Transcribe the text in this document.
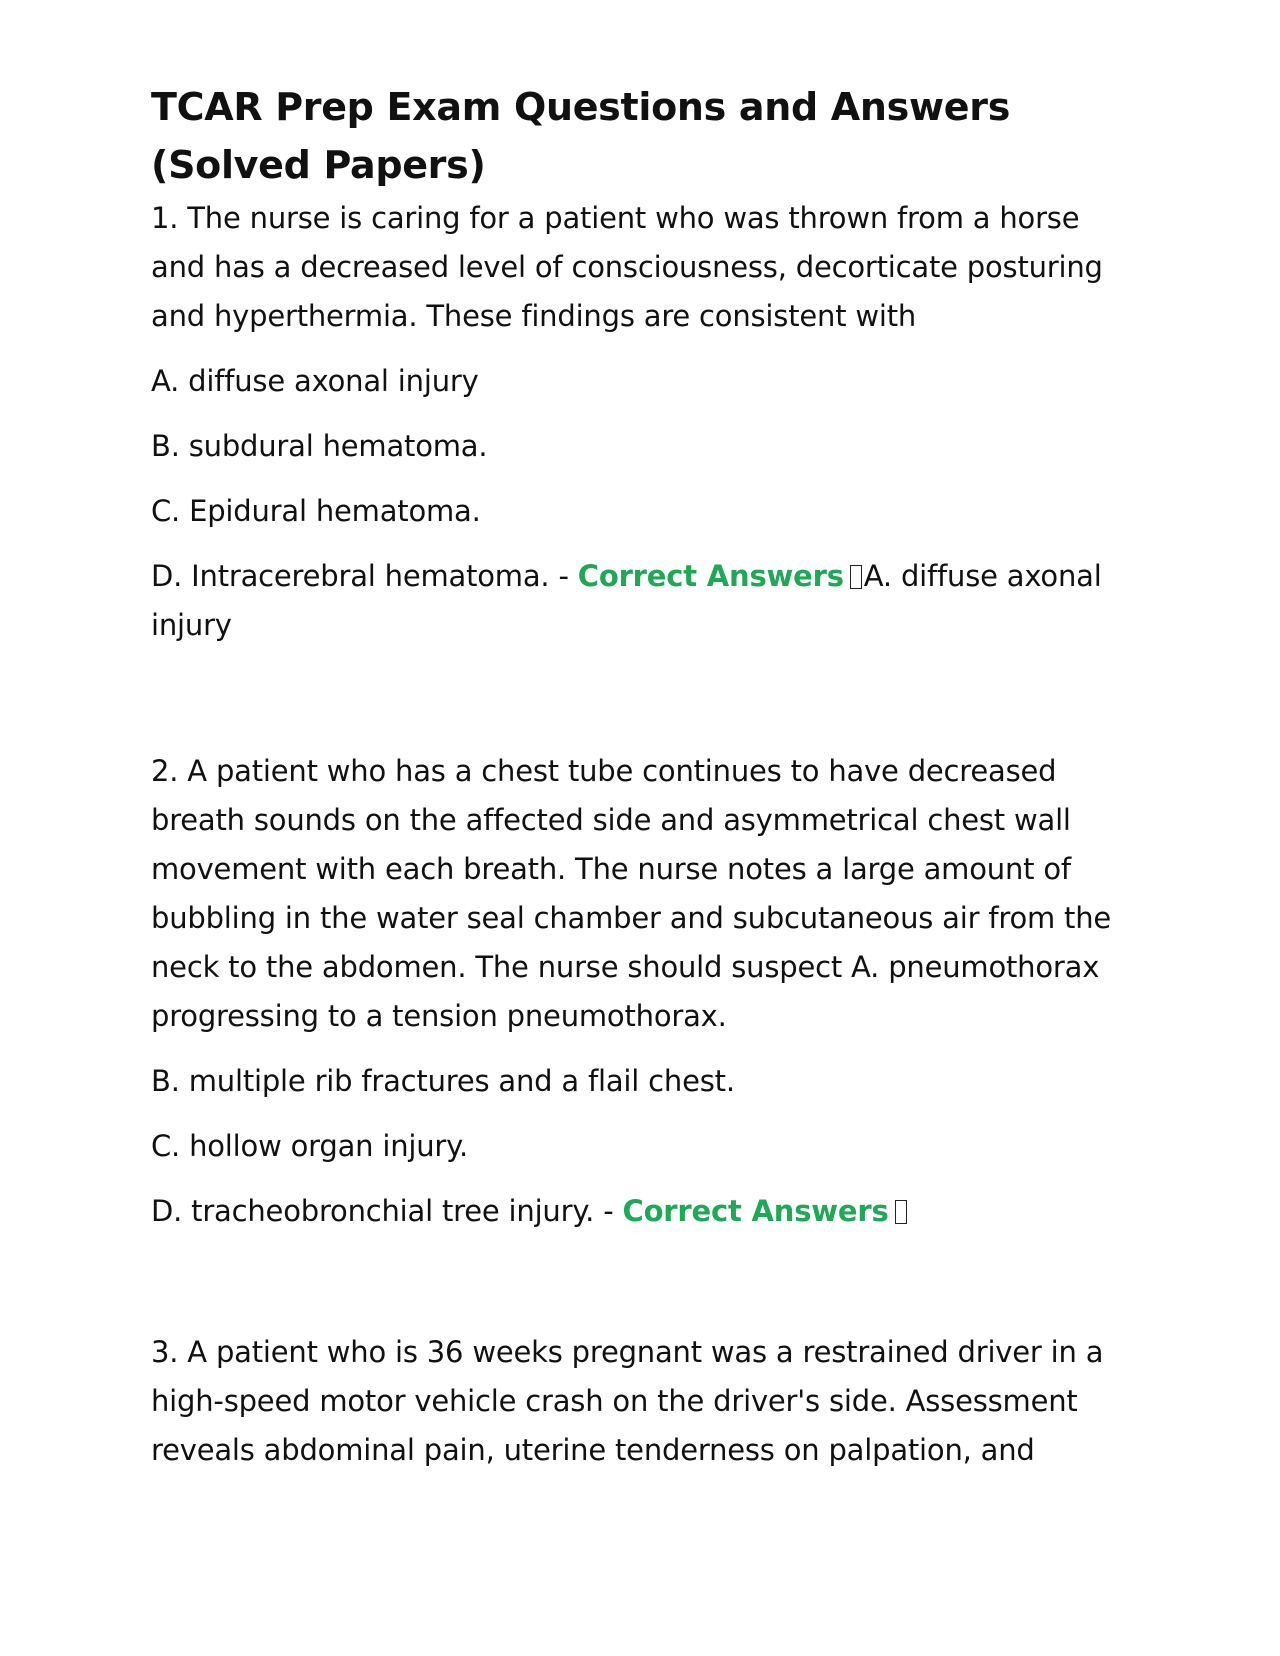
TCAR Prep Exam Questions and Answers (Solved Papers)

1. The nurse is caring for a patient who was thrown from a horse and has a decreased level of consciousness, decorticate posturing and hyperthermia. These findings are consistent with

A. diffuse axonal injury

B. subdural hematoma.

C. Epidural hematoma.

D. Intracerebral hematoma. - Correct Answers A. diffuse axonal injury

2. A patient who has a chest tube continues to have decreased breath sounds on the affected side and asymmetrical chest wall movement with each breath. The nurse notes a large amount of bubbling in the water seal chamber and subcutaneous air from the neck to the abdomen. The nurse should suspect A. pneumothorax progressing to a tension pneumothorax.

B. multiple rib fractures and a flail chest.

C. hollow organ injury.

D. tracheobronchial tree injury. - Correct Answers

3. A patient who is 36 weeks pregnant was a restrained driver in a high-speed motor vehicle crash on the driver's side. Assessment reveals abdominal pain, uterine tenderness on palpation, and
